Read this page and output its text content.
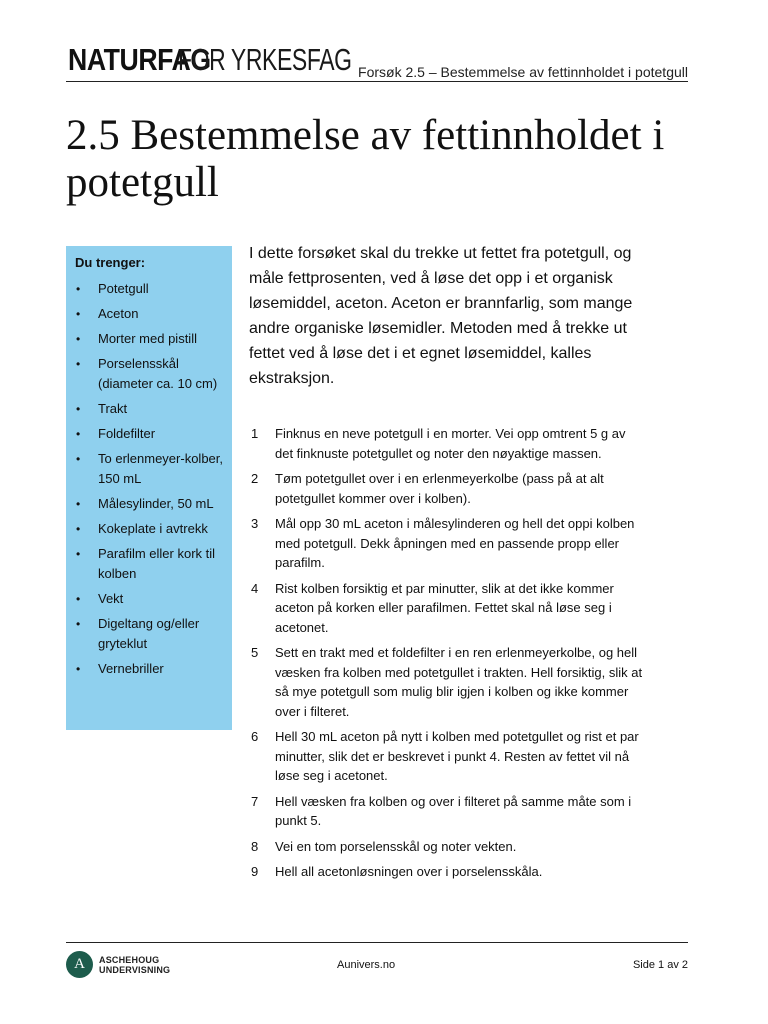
NATURFAG
FOR YRKESFAG Forsøk 2.5 – Bestemmelse av fettinnholdet i potetgull
2.5 Bestemmelse av fettinnholdet i potetgull

Du trenger:

• Potetgull
• Aceton
• Morter med pistill
• Porselensskål (diameter ca. 10 cm)
• Trakt
• Foldefilter
• To erlenmeyer-kolber, 150 mL
• Målesylinder, 50 mL
• Kokeplate i avtrekk
• Parafilm eller kork til kolben
• Vekt
• Digeltang og/eller gryteklut
• Vernebriller

I dette forsøket skal du trekke ut fettet fra potetgull, og måle fettprosenten, ved å løse det opp i et organisk løsemiddel, aceton. Aceton er brannfarlig, som mange andre organiske løsemidler. Metoden med å trekke ut fettet ved å løse det i et egnet løsemiddel, kalles ekstraksjon.

1 Finknus en neve potetgull i en morter. Vei opp omtrent 5 g av det finknuste potetgullet og noter den nøyaktige massen.
2 Tøm potetgullet over i en erlenmeyerkolbe (pass på at alt potetgullet kommer over i kolben).
3 Mål opp 30 mL aceton i målesylinderen og hell det oppi kolben med potetgull. Dekk åpningen med en passende propp eller parafilm.
4 Rist kolben forsiktig et par minutter, slik at det ikke kommer aceton på korken eller parafilmen. Fettet skal nå løse seg i acetonet.
5 Sett en trakt med et foldefilter i en ren erlenmeyerkolbe, og hell væsken fra kolben med potetgullet i trakten. Hell forsiktig, slik at så mye potetgull som mulig blir igjen i kolben og ikke kommer over i filteret.
6 Hell 30 mL aceton på nytt i kolben med potetgullet og rist et par minutter, slik det er beskrevet i punkt 4. Resten av fettet vil nå løse seg i acetonet.
7 Hell væsken fra kolben og over i filteret på samme måte som i punkt 5.
8 Vei en tom porselensskål og noter vekten.
9 Hell all acetonløsningen over i porselensskåla.
A	ASCHEHOUG
UNDERVISNING	Aunivers.no	Side 1 av 2
